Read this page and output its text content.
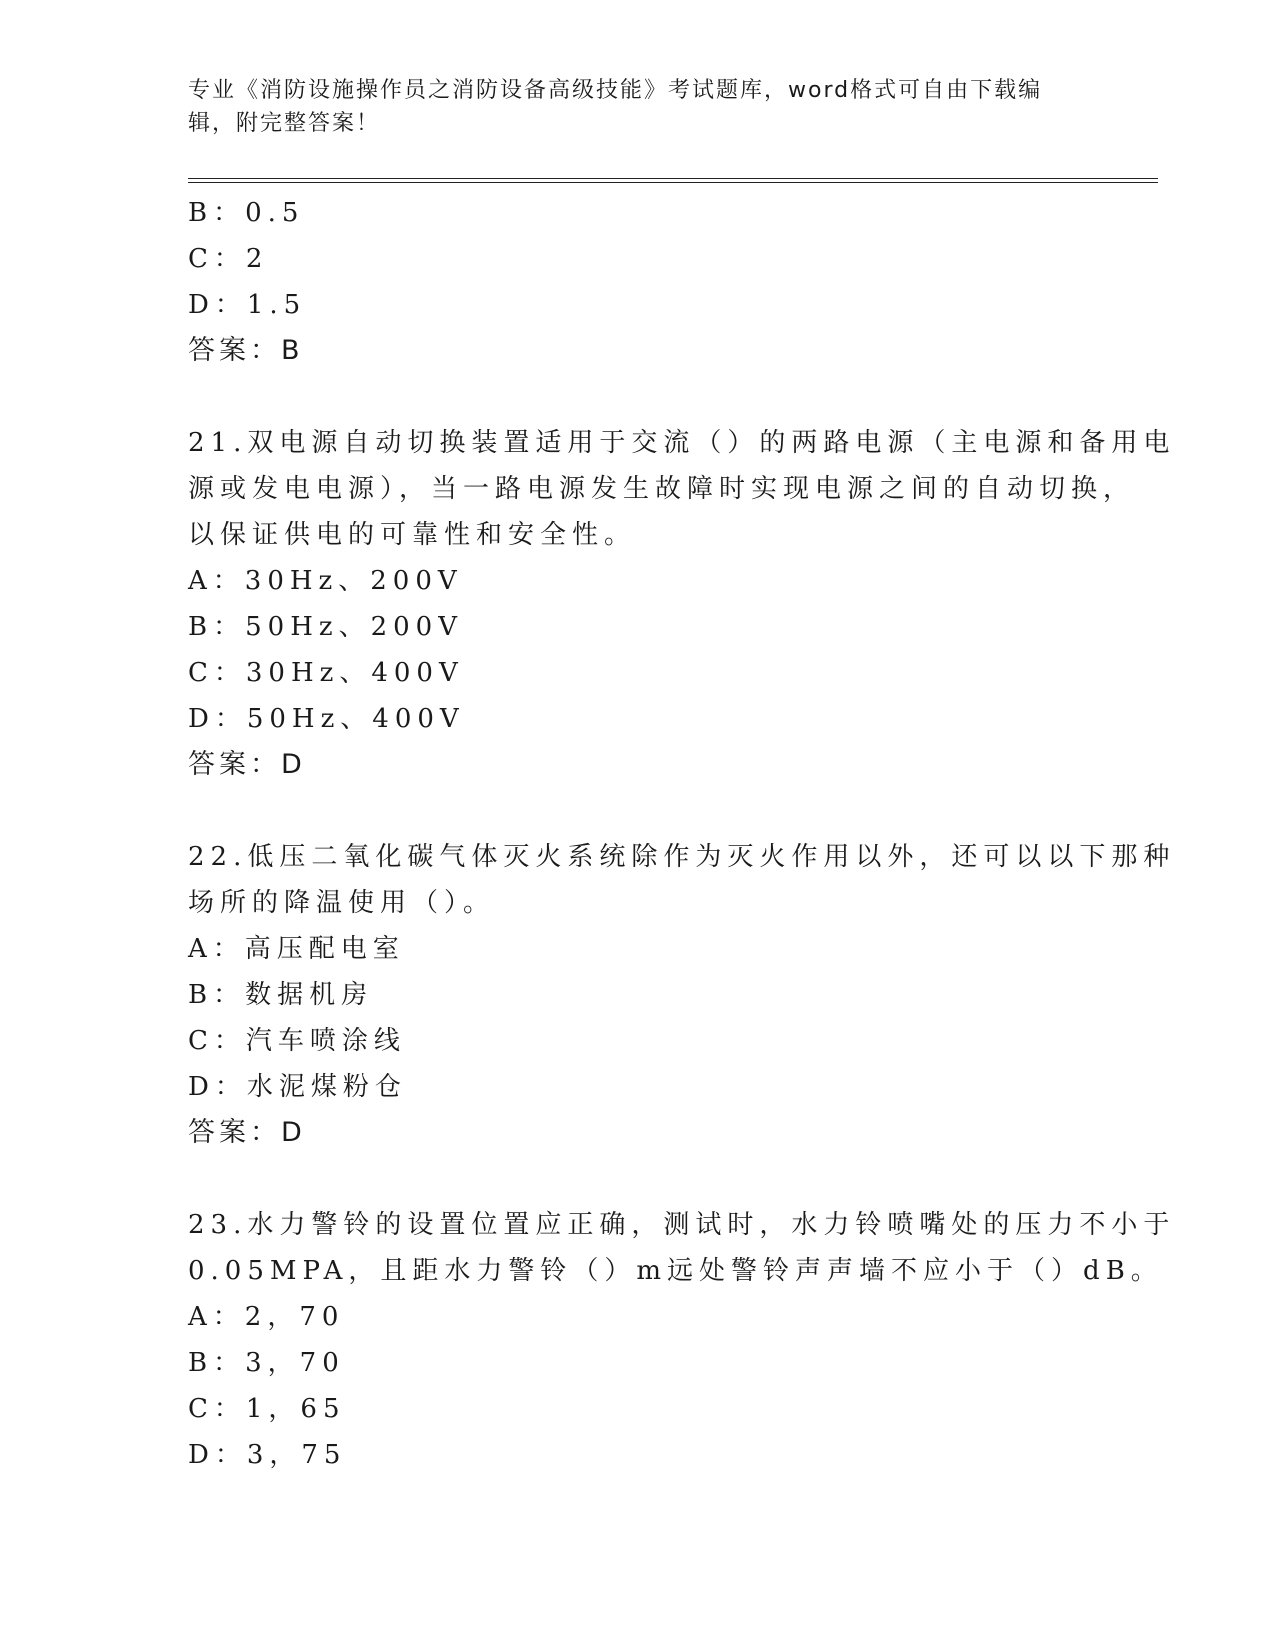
专业《消防设施操作员之消防设备高级技能》考试题库，word格式可自由下载编
辑，附完整答案！
B：0.5
C：2
D：1.5
答案：B
21.双电源自动切换装置适用于交流（）的两路电源（主电源和备用电
源或发电电源），当一路电源发生故障时实现电源之间的自动切换，
以保证供电的可靠性和安全性。
A：30Hz、200V
B：50Hz、200V
C：30Hz、400V
D：50Hz、400V
答案：D
22.低压二氧化碳气体灭火系统除作为灭火作用以外，还可以以下那种
场所的降温使用（）。
A：高压配电室
B：数据机房
C：汽车喷涂线
D：水泥煤粉仓
答案：D
23.水力警铃的设置位置应正确，测试时，水力铃喷嘴处的压力不小于
0.05MPA，且距水力警铃（）m远处警铃声声墙不应小于（）dB。
A：2，70
B：3，70
C：1，65
D：3，75
